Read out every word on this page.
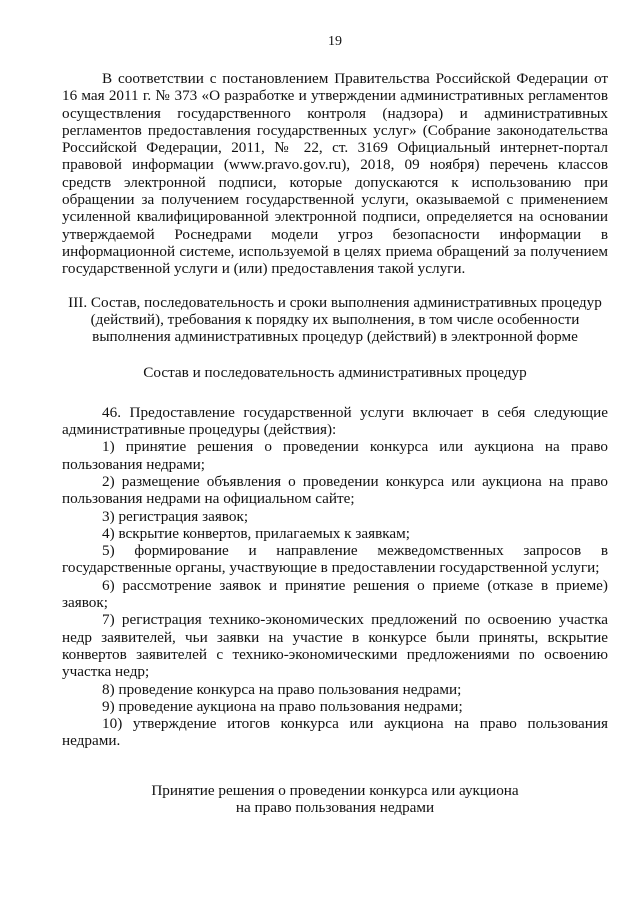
19

В соответствии с постановлением Правительства Российской Федерации от 16 мая 2011 г. № 373 «О разработке и утверждении административных регламентов осуществления государственного контроля (надзора) и административных регламентов предоставления государственных услуг» (Собрание законодательства Российской Федерации, 2011, № 22, ст. 3169 Официальный интернет-портал правовой информации (www.pravo.gov.ru), 2018, 09 ноября) перечень классов средств электронной подписи, которые допускаются к использованию при обращении за получением государственной услуги, оказываемой с применением усиленной квалифицированной электронной подписи, определяется на основании утверждаемой Роснедрами модели угроз безопасности информации в информационной системе, используемой в целях приема обращений за получением государственной услуги и (или) предоставления такой услуги.

III. Состав, последовательность и сроки выполнения административных процедур
(действий), требования к порядку их выполнения, в том числе особенности
выполнения административных процедур (действий) в электронной форме
Состав и последовательность административных процедур

46. Предоставление государственной услуги включает в себя следующие административные процедуры (действия):

1) принятие решения о проведении конкурса или аукциона на право пользования недрами;

2) размещение объявления о проведении конкурса или аукциона на право пользования недрами на официальном сайте;

3) регистрация заявок;

4) вскрытие конвертов, прилагаемых к заявкам;

5) формирование и направление межведомственных запросов в государственные органы, участвующие в предоставлении государственной услуги;

6) рассмотрение заявок и принятие решения о приеме (отказе в приеме) заявок;

7) регистрация технико-экономических предложений по освоению участка недр заявителей, чьи заявки на участие в конкурсе были приняты, вскрытие конвертов заявителей с технико-экономическими предложениями по освоению участка недр;

8) проведение конкурса на право пользования недрами;

9) проведение аукциона на право пользования недрами;

10) утверждение итогов конкурса или аукциона на право пользования недрами.

Принятие решения о проведении конкурса или аукциона
на право пользования недрами
